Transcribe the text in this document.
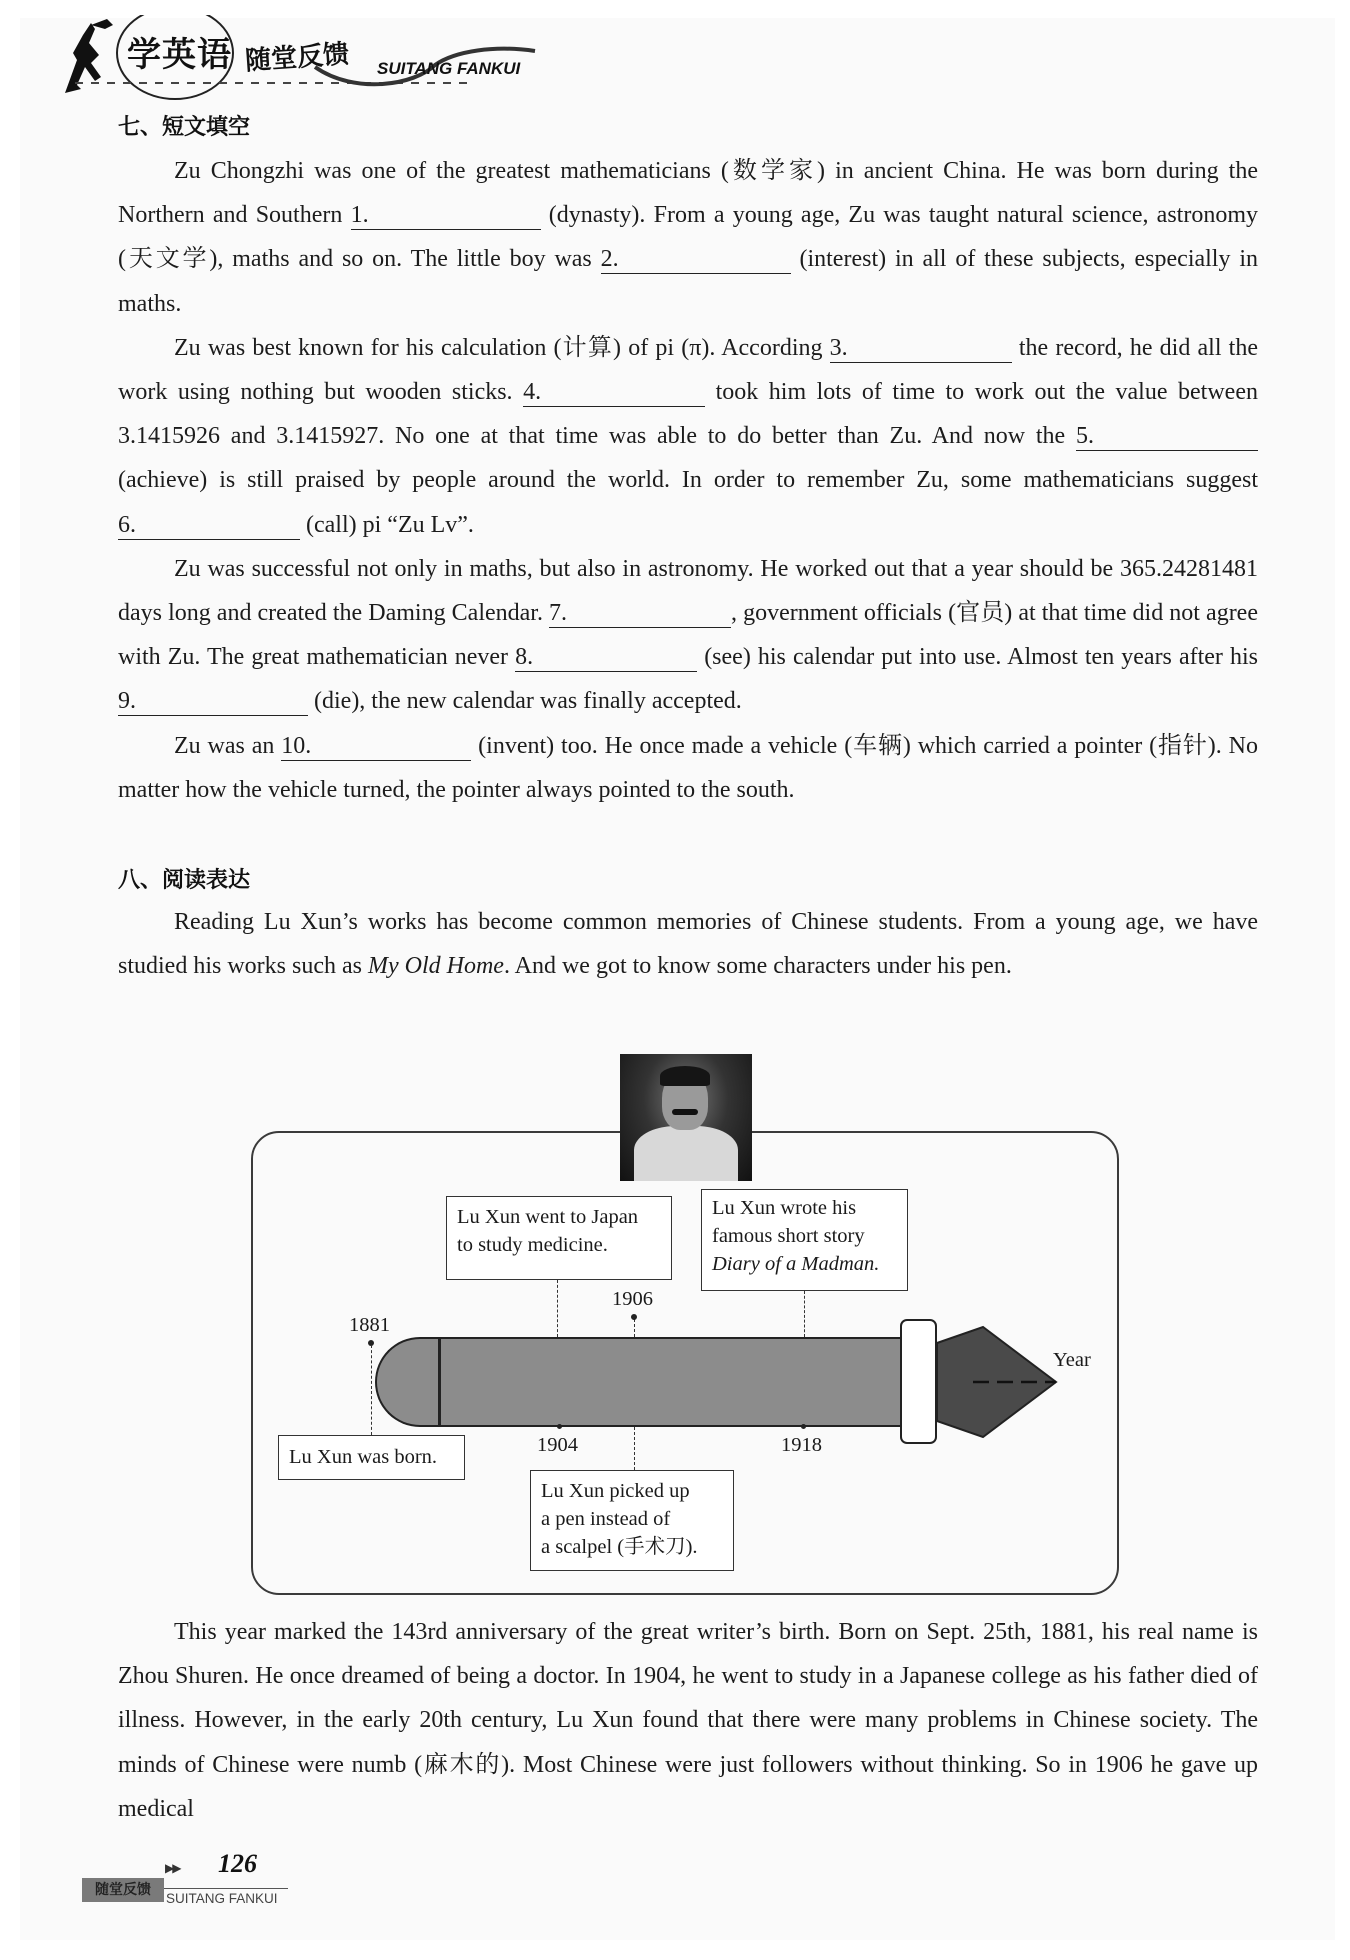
学英语 随堂反馈 SUITANG FANKUI
七、短文填空

Zu Chongzhi was one of the greatest mathematicians (数学家) in ancient China. He was born during the Northern and Southern 1.	(dynasty). From a young age, Zu was taught natural science, astronomy (天文学), maths and so on. The little boy was 2.	(interest) in all of these subjects, especially in maths.

Zu was best known for his calculation (计算) of pi (π). According 3.	the record, he did all the work using nothing but wooden sticks. 4.	took him lots of time to work out the value between 3.1415926 and 3.1415927. No one at that time was able to do better than Zu. And now the 5. (achieve) is still praised by people around the world. In order to remember Zu, some mathematicians suggest 6.	(call) pi “Zu Lv”.

Zu was successful not only in maths, but also in astronomy. He worked out that a year should be 365.24281481 days long and created the Daming Calendar. 7.	, government officials (官员) at that time did not agree with Zu. The great mathematician never 8.	(see) his calendar put into use. Almost ten years after his 9.	(die), the new calendar was finally accepted.

Zu was an 10.	(invent) too. He once made a vehicle (车辆) which carried a pointer (指针). No matter how the vehicle turned, the pointer always pointed to the south.

八、阅读表达

Reading Lu Xun’s works has become common memories of Chinese students. From a young age, we have studied his works such as My Old Home. And we got to know some characters under his pen.

Lu Xun went to Japan
to study medicine.
Lu Xun wrote his
famous short story
Diary of a Madman.
1906
1881
Year
1904	1918
Lu Xun was born.
Lu Xun picked up
a pen instead of
a scalpel (手术刀).

This year marked the 143rd anniversary of the great writer’s birth. Born on Sept. 25th, 1881, his real name is Zhou Shuren. He once dreamed of being a doctor. In 1904, he went to study in a Japanese college as his father died of illness. However, in the early 20th century, Lu Xun found that there were many problems in Chinese society. The minds of Chinese were numb (麻木的). Most Chinese were just followers without thinking. So in 1906 he gave up medical

▶▶ 126
随堂反馈
SUITANG FANKUI
